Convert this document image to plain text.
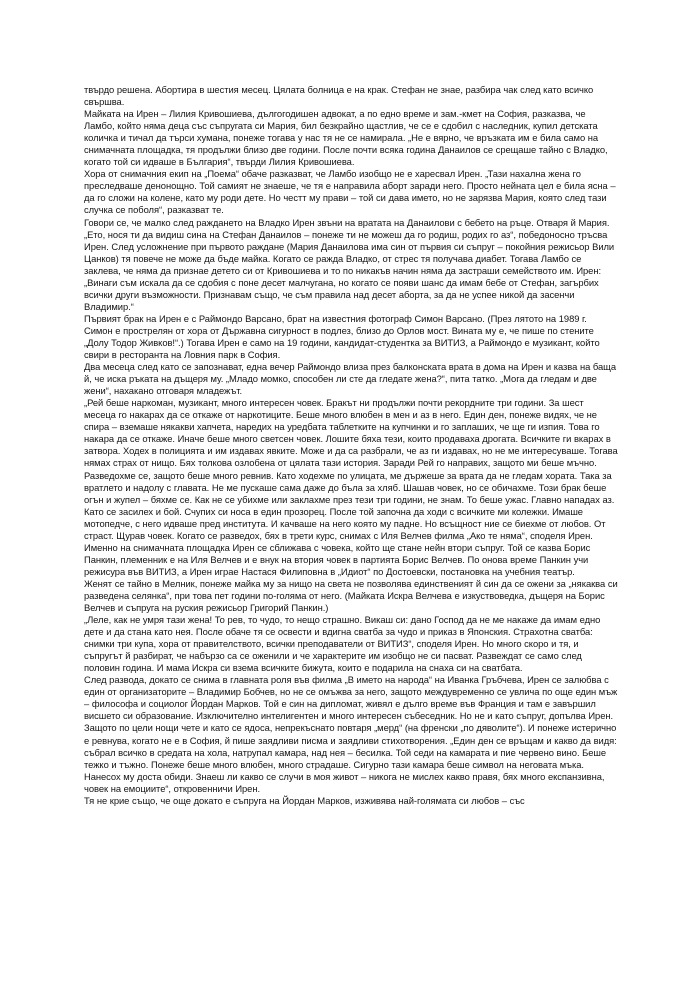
твърдо решена. Абортира в шестия месец. Цялата болница е на крак. Стефан не знае, разбира чак след като всичко свършва.

Майката на Ирен – Лилия Кривошиева, дългогодишен адвокат, а по едно време и зам.-кмет на София, разказва, че Ламбо, който няма деца със съпругата си Мария, бил безкрайно щастлив, че се е сдобил с наследник, купил детската количка и тичал да търси хумана, понеже тогава у нас тя не се намирала. „Не е вярно, че връзката им е била само на снимачната площадка, тя продължи близо две години. После почти всяка година Данаилов се срещаше тайно с Владко, когато той си идваше в България“, твърди Лилия Кривошиева.

Хора от снимачния екип на „Поема“ обаче разказват, че Ламбо изобщо не е харесвал Ирен. „Тази нахална жена го преследваше денонощно. Той самият не знаеше, че тя е направила аборт заради него. Просто нейната цел е била ясна – да го сложи на колене, като му роди дете. Но честт му прави – той си дава името, но не зарязва Мария, която след тази случка се поболя“, разказват те.

Говори се, че малко след раждането на Владко Ирен звъни на вратата на Данаилови с бебето на ръце. Отваря й Мария. „Ето, нося ти да видиш сина на Стефан Данаилов – понеже ти не можеш да го родиш, родих го аз“, победоносно тръсва Ирен. След усложнение при първото раждане (Мария Данаилова има син от първия си съпруг – покойния режисьор Вили Цанков) тя повече не може да бъде майка. Когато се ражда Владко, от стрес тя получава диабет. Тогава Ламбо се заклева, че няма да признае детето си от Кривошиева и то по никакъв начин няма да застраши семейството им. Ирен: „Винаги съм искала да се сдобия с поне десет малчугана, но когато се появи шанс да имам бебе от Стефан, загърбих всички други възможности. Признавам също, че съм правила над десет аборта, за да не успее никой да засенчи Владимир.“

Първият брак на Ирен е с Раймондо Варсано, брат на известния фотограф Симон Варсано. (През лятото на 1989 г. Симон е прострелян от хора от Държавна сигурност в подлез, близо до Орлов мост. Вината му е, че пише по стените „Долу Тодор Живков!“.) Тогава Ирен е само на 19 години, кандидат-студентка за ВИТИЗ, а Раймондо е музикант, който свири в ресторанта на Ловния парк в София.

Два месеца след като се запознават, една вечер Раймондо влиза през балконската врата в дома на Ирен и казва на баща й, че иска ръката на дъщеря му. „Младо момко, способен ли сте да гледате жена?“, пита татко. „Мога да гледам и две жени“, нахакано отговаря младежът.

„Рей беше наркоман, музикант, много интересен човек. Бракът ни продължи почти рекордните три години. За шест месеца го накарах да се откаже от наркотиците. Беше много влюбен в мен и аз в него. Един ден, понеже видях, че не спира – вземаше някакви хапчета, наредих на уредбата таблетките на купчинки и го заплаших, че ще ги изпия. Това го накара да се откаже. Иначе беше много светсен човек. Лошите бяха тези, които продаваха дрогата. Всичките ги вкарах в затвора. Ходех в полицията и им издавах явките. Може и да са разбрали, че аз ги издавах, но не ме интересуваше. Тогава нямах страх от нищо. Бях толкова озлобена от цялата тази история. Заради Рей го направих, защото ми беше мъчно. Разведохме се, защото беше много ревнив. Като ходехме по улицата, ме държеше за врата да не гледам хората. Така за вратлето и надолу с главата. Не ме пускаше сама даже до бъла за хляб. Шашав човек, но се обичахме. Този брак беше огън и жупел – бяхме се. Как не се убихме или заклахме през тези три години, не знам. То беше ужас. Главно нападах аз. Като се засилех и бой. Счупих си носа в един прозорец. После той започна да ходи с всичките ми колежки. Имаше мотопедче, с него идваше пред института. И качваше на него която му падне. Но всъщност ние се биехме от любов. От страст. Щурав човек. Когато се разведох, бях в трети курс, снимах с Иля Велчев филма „Ако те няма“, споделя Ирен.

Именно на снимачната площадка Ирен се сближава с човека, който ще стане нейн втори съпруг. Той се казва Борис Панкин, племенник е на Иля Велчев и е внук на втория човек в партията Борис Велчев. По онова време Панкин учи режисура във ВИТИЗ, а Ирен играе Настася Филиповна в „Идиот“ по Достоевски, постановка на учебния театър.

Женят се тайно в Мелник, понеже майка му за нищо на света не позволява единственият й син да се ожени за „някаква си разведена селянка“, при това пет години по-голяма от него. (Майката Искра Велчева е изкуствоведка, дъщеря на Борис Велчев и съпруга на руския режисьор Григорий Панкин.)

„Леле, как не умря тази жена! То рев, то чудо, то нещо страшно. Викаш си: дано Господ да не ме накаже да имам едно дете и да стана като нея. После обаче тя се освести и вдигна сватба за чудо и приказ в Японския. Страхотна сватба: снимки три купа, хора от правителството, всички преподаватели от ВИТИЗ“, споделя Ирен. Но много скоро и тя, и съпругът й разбират, че набързо са се оженили и че характерите им изобщо не си пасват. Развеждат се само след половин година. И мама Искра си взема всичките бижута, които е подарила на снаха си на сватбата.

След развода, докато се снима в главната роля във филма „В името на народа“ на Иванка Гръбчева, Ирен се залюбва с един от организаторите – Владимир Бобчев, но не се омъжва за него, защото междувременно се увлича по още един мъж – философа и социолог Йордан Марков. Той е син на дипломат, живял е дълго време във Франция и там е завършил висшето си образование. Изключително интелигентен и много интересен събеседник. Но не и като съпруг, допълва Ирен. Защото по цели нощи чете и като се ядоса, непрекъснато повтаря „мерд“ (на френски „по дяволите“). И понеже истерично е ревнува, когато не е в София, й пише заядливи писма и заядливи стихотворения. „Един ден се връщам и какво да видя: събрал всичко в средата на хола, натрупал камара, над нея – бесилка. Той седи на камарата и пие червено вино. Беше тежко и тъжно. Понеже беше много влюбен, много страдаше. Сигурно тази камара беше символ на неговата мъка. Нанесох му доста обиди. Знаеш ли какво се случи в моя живот – никога не мислех какво правя, бях много експанзивна, човек на емоциите“, откровенничи Ирен.

Тя не крие също, че още докато е съпруга на Йордан Марков, изживява най-голямата си любов – със
